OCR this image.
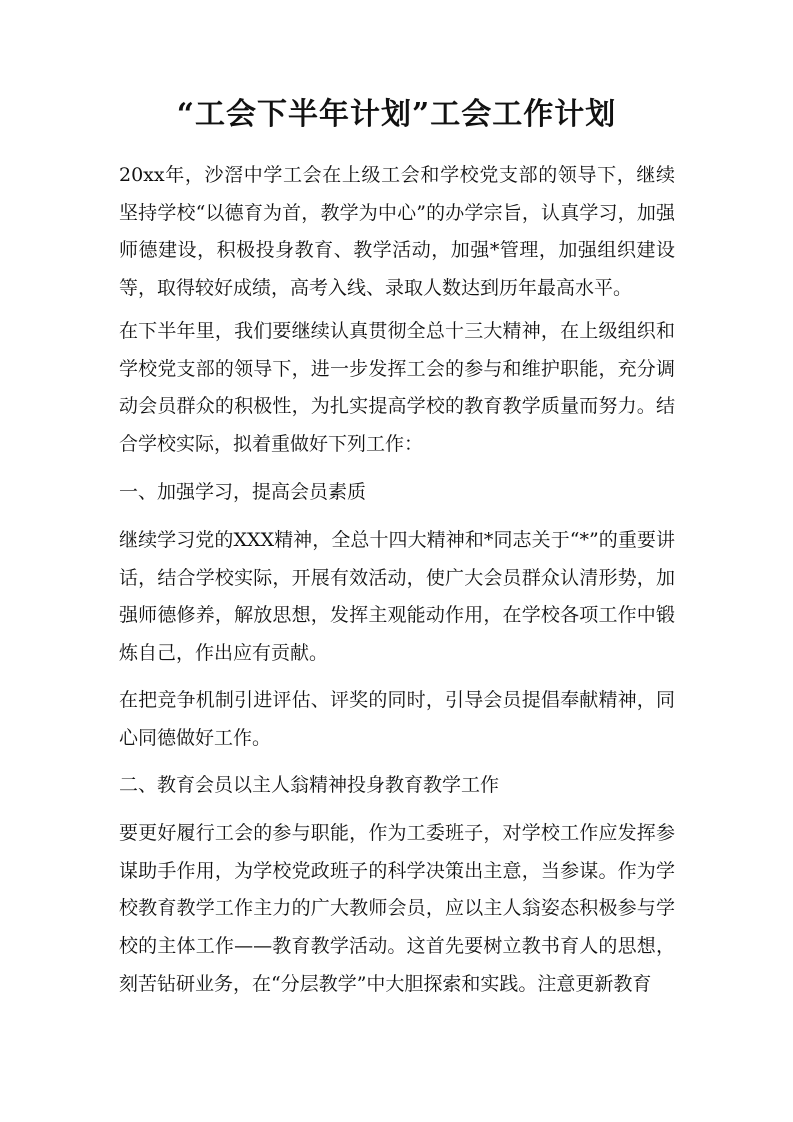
“工会下半年计划”工会工作计划

20xx年，沙滘中学工会在上级工会和学校党支部的领导下，继续坚持学校“以德育为首，教学为中心”的办学宗旨，认真学习，加强师德建设，积极投身教育、教学活动，加强*管理，加强组织建设等，取得较好成绩，高考入线、录取人数达到历年最高水平。

在下半年里，我们要继续认真贯彻全总十三大精神，在上级组织和学校党支部的领导下，进一步发挥工会的参与和维护职能，充分调动会员群众的积极性，为扎实提高学校的教育教学质量而努力。结合学校实际，拟着重做好下列工作：

一、加强学习，提高会员素质

继续学习党的XXX精神，全总十四大精神和*同志关于“*”的重要讲话，结合学校实际，开展有效活动，使广大会员群众认清形势，加强师德修养，解放思想，发挥主观能动作用，在学校各项工作中锻炼自己，作出应有贡献。

在把竞争机制引进评估、评奖的同时，引导会员提倡奉献精神，同心同德做好工作。

二、教育会员以主人翁精神投身教育教学工作

要更好履行工会的参与职能，作为工委班子，对学校工作应发挥参谋助手作用，为学校党政班子的科学决策出主意，当参谋。作为学校教育教学工作主力的广大教师会员，应以主人翁姿态积极参与学校的主体工作——教育教学活动。这首先要树立教书育人的思想，刻苦钻研业务，在“分层教学”中大胆探索和实践。注意更新教育
